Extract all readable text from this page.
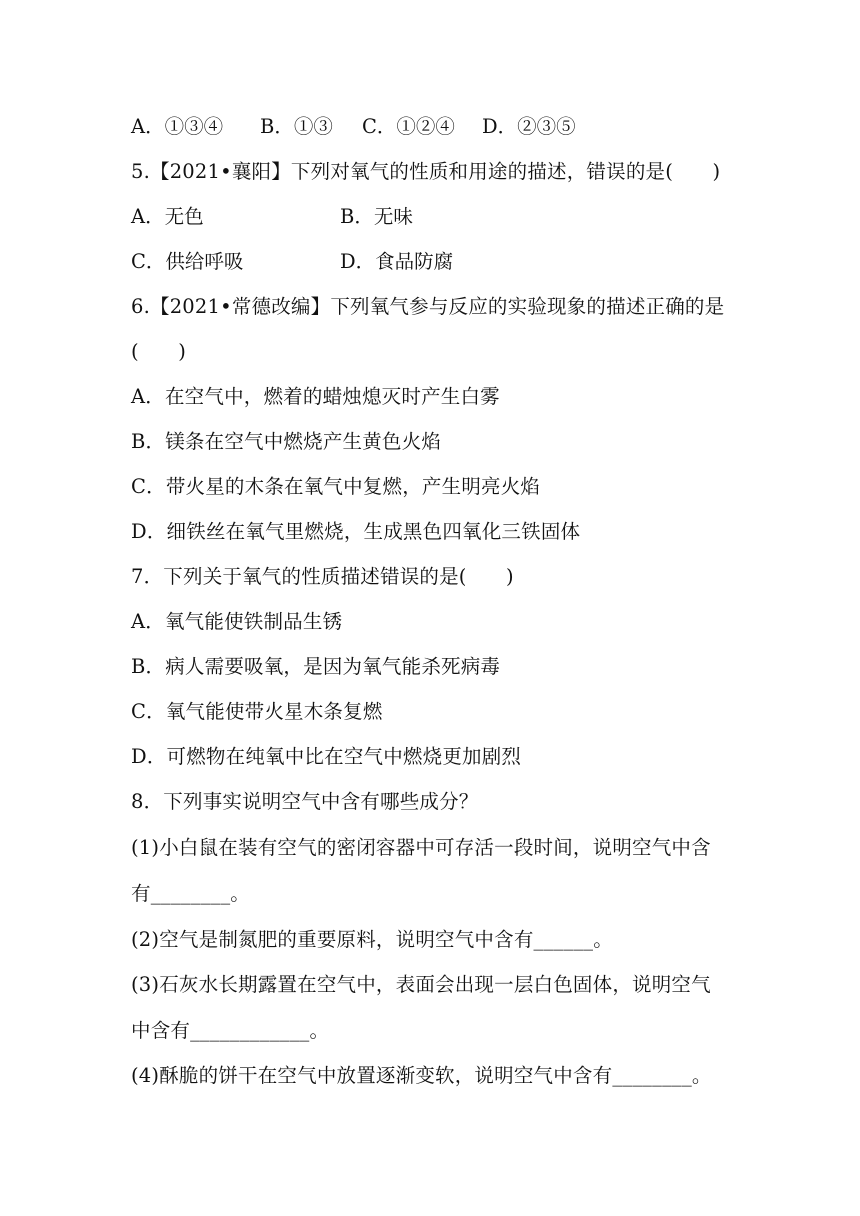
A．①③④ B．①③ C．①②④ D．②③⑤
5.【2021•襄阳】下列对氧气的性质和用途的描述，错误的是(　　)
A．无色	B．无味
C．供给呼吸	D．食品防腐
6.【2021•常德改编】下列氧气参与反应的实验现象的描述正确的是
(　　)
A．在空气中，燃着的蜡烛熄灭时产生白雾
B．镁条在空气中燃烧产生黄色火焰
C．带火星的木条在氧气中复燃，产生明亮火焰
D．细铁丝在氧气里燃烧，生成黑色四氧化三铁固体
7．下列关于氧气的性质描述错误的是(　　)
A．氧气能使铁制品生锈
B．病人需要吸氧，是因为氧气能杀死病毒
C．氧气能使带火星木条复燃
D．可燃物在纯氧中比在空气中燃烧更加剧烈
8．下列事实说明空气中含有哪些成分？
(1)小白鼠在装有空气的密闭容器中可存活一段时间，说明空气中含
有________。
(2)空气是制氮肥的重要原料，说明空气中含有______。
(3)石灰水长期露置在空气中，表面会出现一层白色固体，说明空气
中含有____________。
(4)酥脆的饼干在空气中放置逐渐变软，说明空气中含有________。
